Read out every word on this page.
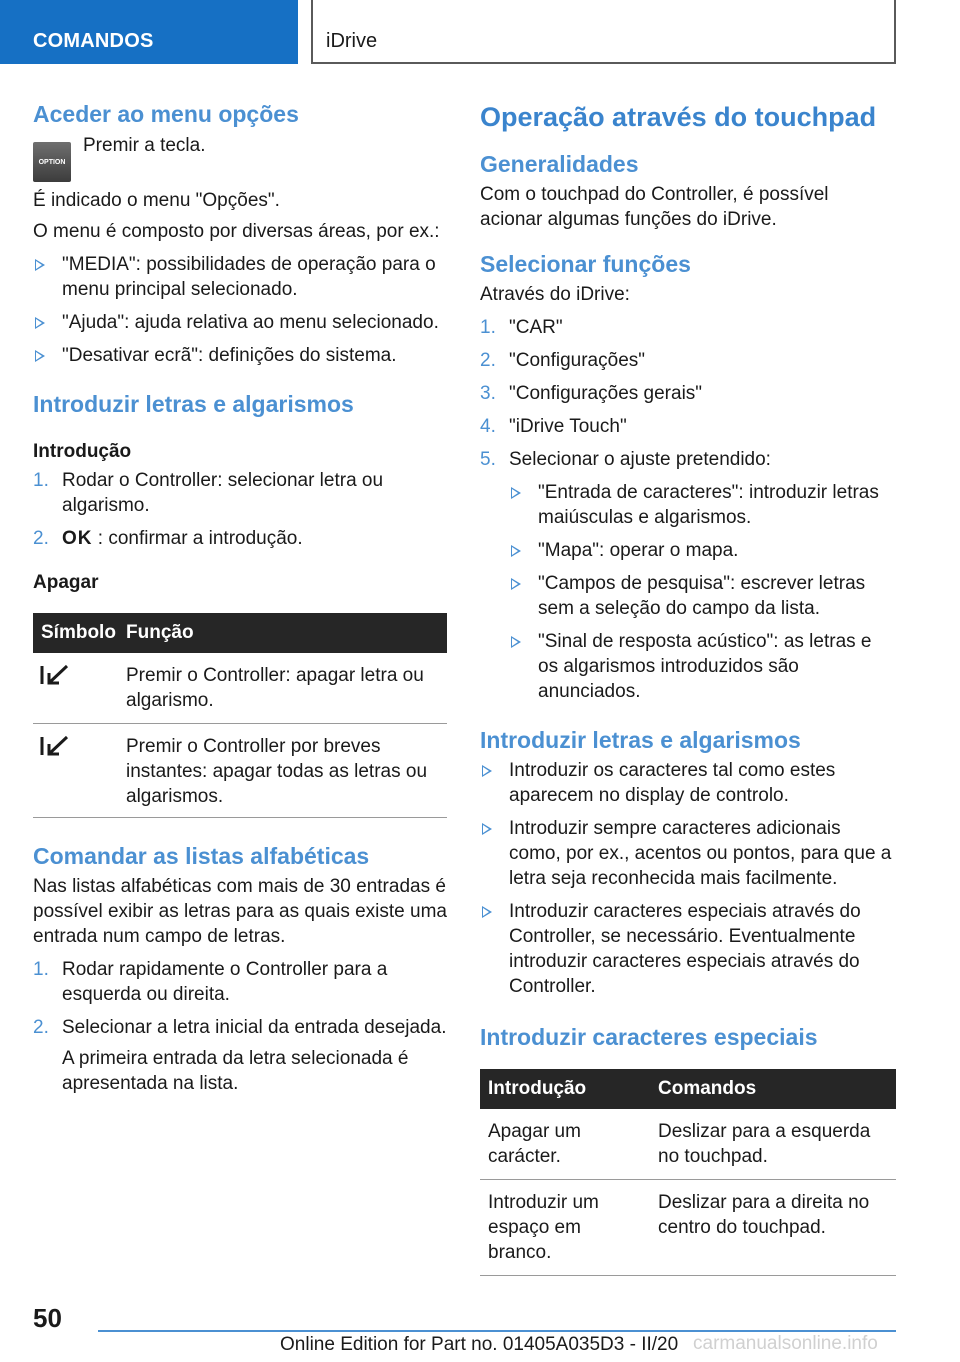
COMANDOS	iDrive
Aceder ao menu opções
OPTION
Premir a tecla.

É indicado o menu "Opções".

O menu é composto por diversas áreas, por ex.:

"MEDIA": possibilidades de operação para o menu principal selecionado.
"Ajuda": ajuda relativa ao menu selecionado.
"Desativar ecrã": definições do sistema.
Introduzir letras e algarismos
Introdução
1. Rodar o Controller: selecionar letra ou algarismo.
2. OK : confirmar a introdução.
Apagar
Símbolo	Função
	Premir o Controller: apagar letra ou algarismo.
	Premir o Controller por breves instantes: apagar todas as letras ou algarismos.
Comandar as listas alfabéticas

Nas listas alfabéticas com mais de 30 entradas é possível exibir as letras para as quais existe uma entrada num campo de letras.

1. Rodar rapidamente o Controller para a esquerda ou direita.
2. Selecionar a letra inicial da entrada desejada.

A primeira entrada da letra selecionada é apresentada na lista.

Operação através do touchpad
Generalidades

Com o touchpad do Controller, é possível acionar algumas funções do iDrive.

Selecionar funções

Através do iDrive:

1. "CAR"
2. "Configurações"
3. "Configurações gerais"
4. "iDrive Touch"
5. Selecionar o ajuste pretendido:
"Entrada de caracteres": introduzir letras maiúsculas e algarismos.
"Mapa": operar o mapa.
"Campos de pesquisa": escrever letras sem a seleção do campo da lista.
"Sinal de resposta acústico": as letras e os algarismos introduzidos são anunciados.
Introduzir letras e algarismos
Introduzir os caracteres tal como estes aparecem no display de controlo.
Introduzir sempre caracteres adicionais como, por ex., acentos ou pontos, para que a letra seja reconhecida mais facilmente.
Introduzir caracteres especiais através do Controller, se necessário. Eventualmente introduzir caracteres especiais através do Controller.
Introduzir caracteres especiais
Introdução	Comandos
Apagar um carácter.	Deslizar para a esquerda no touchpad.
Introduzir um espaço em branco.	Deslizar para a direita no centro do touchpad.
50
Online Edition for Part no. 01405A035D3 - II/20 carmanualsonline.info
